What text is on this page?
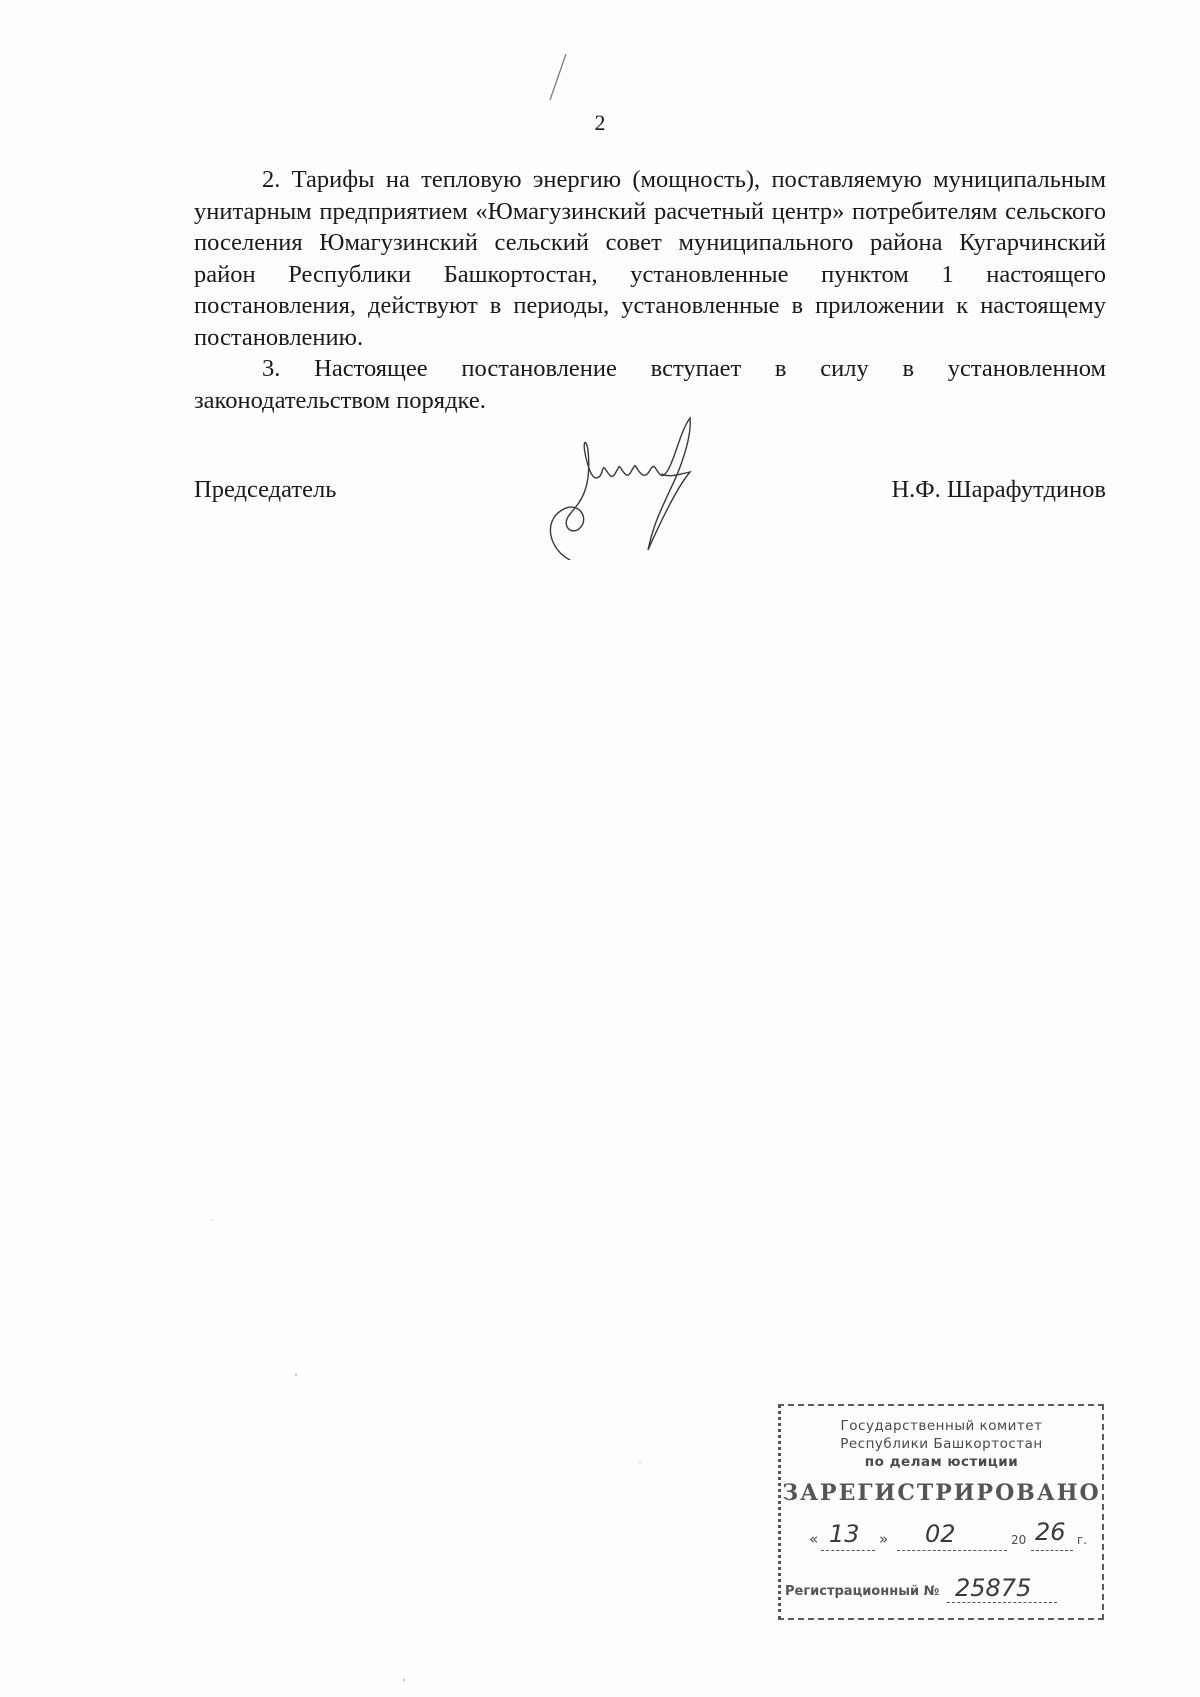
2

2. Тарифы на тепловую энергию (мощность), поставляемую муниципальным унитарным предприятием «Юмагузинский расчетный центр» потребителям сельского поселения Юмагузинский сельский совет муниципального района Кугарчинский район Республики Башкортостан, установленные пунктом 1 настоящего постановления, действуют в периоды, установленные в приложении к настоящему постановлению.

3. Настоящее постановление вступает в силу в установленном законодательством порядке.

Председатель	Н.Ф. Шарафутдинов
Государственный комитет
Республики Башкортостан
по делам юстиции
ЗАРЕГИСТРИРОВАНО
« 13 » 02	20 26 г.
Регистрационный № 25875
